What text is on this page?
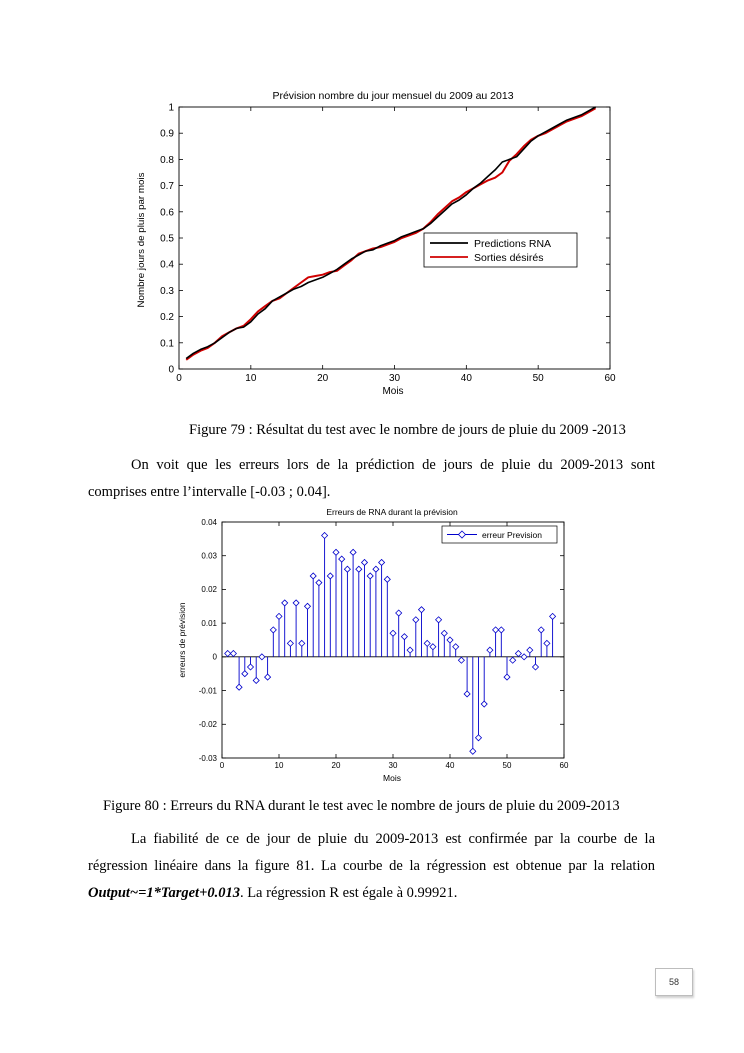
Prévision nombre du jour mensuel du 2009 au 2013
0	10	20	30	40	50	60
0
0.1
0.2
0.3
0.4
0.5
0.6
0.7
0.8
0.9
1
Mois
Nombre jours de pluis par mois	Predictions RNA
Sorties désirés
Figure 79 : Résultat du test avec le nombre de jours de pluie du 2009 -2013

On voit que les erreurs lors de la prédiction de jours de pluie du 2009-2013 sont comprises entre l’intervalle [-0.03 ; 0.04].

Erreurs de RNA durant la prévision
0	10	20	30	40	50	60
-0.03
-0.02
-0.01
0
0.01
0.02
0.03
0.04
Mois
erreurs de prévision
erreur Prevision
Figure 80 : Erreurs du RNA durant le test avec le nombre de jours de pluie du 2009-2013

La fiabilité de ce de jour de pluie du 2009-2013 est confirmée par la courbe de la régression linéaire dans la figure 81. La courbe de la régression est obtenue par la relation Output~=1*Target+0.013. La régression R est égale à 0.99921.

58
